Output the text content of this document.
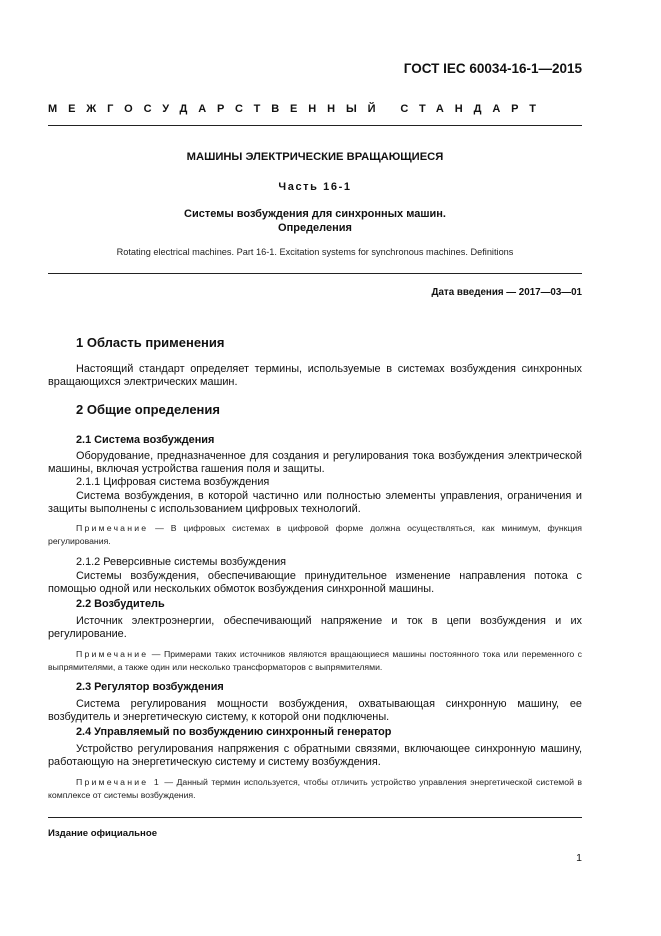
ГОСТ IEC 60034-16-1—2015
МЕЖГОСУДАРСТВЕННЫЙ СТАНДАРТ
МАШИНЫ ЭЛЕКТРИЧЕСКИЕ ВРАЩАЮЩИЕСЯ
Часть 16-1
Системы возбуждения для синхронных машин.
Определения
Rotating electrical machines. Part 16-1. Excitation systems for synchronous machines. Definitions
Дата введения — 2017—03—01
1 Область применения
Настоящий стандарт определяет термины, используемые в системах возбуждения синхронных вращающихся электрических машин.
2 Общие определения
2.1 Система возбуждения
Оборудование, предназначенное для создания и регулирования тока возбуждения электрической машины, включая устройства гашения поля и защиты.
2.1.1 Цифровая система возбуждения
Система возбуждения, в которой частично или полностью элементы управления, ограничения и защиты выполнены с использованием цифровых технологий.
Примечание — В цифровых системах в цифровой форме должна осуществляться, как минимум, функция регулирования.
2.1.2 Реверсивные системы возбуждения
Системы возбуждения, обеспечивающие принудительное изменение направления потока с помощью одной или нескольких обмоток возбуждения синхронной машины.
2.2 Возбудитель
Источник электроэнергии, обеспечивающий напряжение и ток в цепи возбуждения и их регулирование.
Примечание — Примерами таких источников являются вращающиеся машины постоянного тока или переменного с выпрямителями, а также один или несколько трансформаторов с выпрямителями.
2.3 Регулятор возбуждения
Система регулирования мощности возбуждения, охватывающая синхронную машину, ее возбудитель и энергетическую систему, к которой они подключены.
2.4 Управляемый по возбуждению синхронный генератор
Устройство регулирования напряжения с обратными связями, включающее синхронную машину, работающую на энергетическую систему и систему возбуждения.
Примечание 1 — Данный термин используется, чтобы отличить устройство управления энергетической системой в комплексе от системы возбуждения.
Издание официальное
1
